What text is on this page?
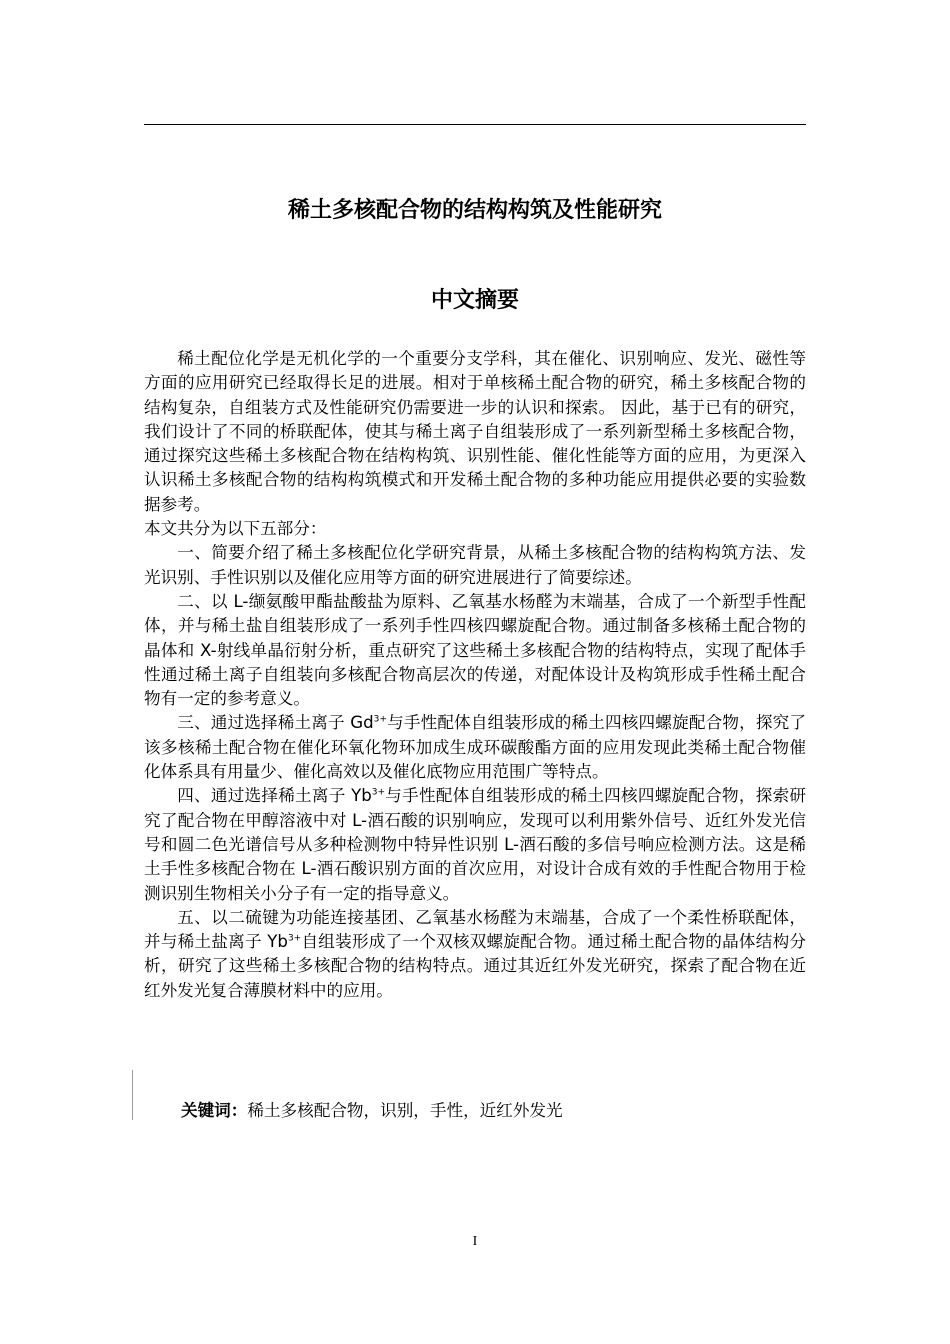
稀土多核配合物的结构构筑及性能研究
中文摘要

稀土配位化学是无机化学的一个重要分支学科，其在催化、识别响应、发光、磁性等方面的应用研究已经取得长足的进展。相对于单核稀土配合物的研究，稀土多核配合物的结构复杂，自组装方式及性能研究仍需要进一步的认识和探索。 因此，基于已有的研究，我们设计了不同的桥联配体，使其与稀土离子自组装形成了一系列新型稀土多核配合物，通过探究这些稀土多核配合物在结构构筑、识别性能、催化性能等方面的应用，为更深入认识稀土多核配合物的结构构筑模式和开发稀土配合物的多种功能应用提供必要的实验数据参考。

本文共分为以下五部分：

一、简要介绍了稀土多核配位化学研究背景，从稀土多核配合物的结构构筑方法、发光识别、手性识别以及催化应用等方面的研究进展进行了简要综述。

二、以 L-缬氨酸甲酯盐酸盐为原料、乙氧基水杨醛为末端基，合成了一个新型手性配体，并与稀土盐自组装形成了一系列手性四核四螺旋配合物。通过制备多核稀土配合物的晶体和 X-射线单晶衍射分析，重点研究了这些稀土多核配合物的结构特点，实现了配体手性通过稀土离子自组装向多核配合物高层次的传递，对配体设计及构筑形成手性稀土配合物有一定的参考意义。

三、通过选择稀土离子 $Gd^{3+}$与手性配体自组装形成的稀土四核四螺旋配合物，探究了该多核稀土配合物在催化环氧化物环加成生成环碳酸酯方面的应用发现此类稀土配合物催化体系具有用量少、催化高效以及催化底物应用范围广等特点。

四、通过选择稀土离子 $Yb^{3+}$与手性配体自组装形成的稀土四核四螺旋配合物，探索研究了配合物在甲醇溶液中对 L-酒石酸的识别响应，发现可以利用紫外信号、近红外发光信号和圆二色光谱信号从多种检测物中特异性识别 L-酒石酸的多信号响应检测方法。这是稀土手性多核配合物在 L-酒石酸识别方面的首次应用，对设计合成有效的手性配合物用于检测识别生物相关小分子有一定的指导意义。

五、以二硫键为功能连接基团、乙氧基水杨醛为末端基，合成了一个柔性桥联配体，并与稀土盐离子 $Yb^{3+}$自组装形成了一个双核双螺旋配合物。通过稀土配合物的晶体结构分析，研究了这些稀土多核配合物的结构特点。通过其近红外发光研究，探索了配合物在近红外发光复合薄膜材料中的应用。

关键词：稀土多核配合物，识别，手性，近红外发光
I
